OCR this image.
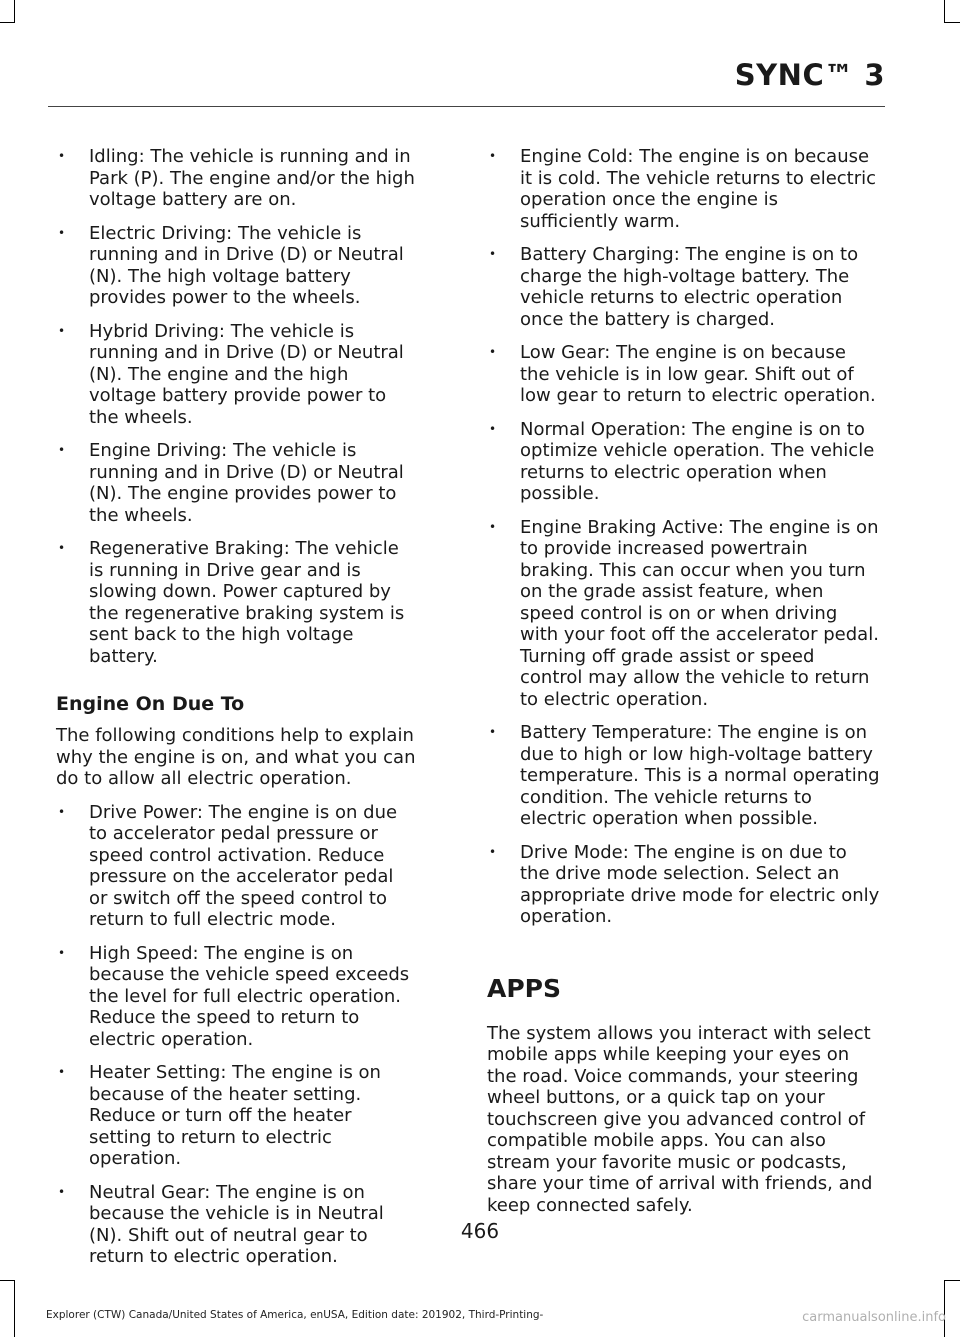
SYNC™ 3
• Idling: The vehicle is running and in Park (P). The engine and/or the high voltage battery are on.
• Electric Driving: The vehicle is running and in Drive (D) or Neutral (N). The high voltage battery provides power to the wheels.
• Hybrid Driving: The vehicle is running and in Drive (D) or Neutral (N). The engine and the high voltage battery provide power to the wheels.
• Engine Driving: The vehicle is running and in Drive (D) or Neutral (N). The engine provides power to the wheels.
• Regenerative Braking: The vehicle is running in Drive gear and is slowing down. Power captured by the regenerative braking system is sent back to the high voltage battery.
Engine On Due To

The following conditions help to explain why the engine is on, and what you can do to allow all electric operation.

• Drive Power: The engine is on due to accelerator pedal pressure or speed control activation. Reduce pressure on the accelerator pedal or switch off the speed control to return to full electric mode.
• High Speed: The engine is on because the vehicle speed exceeds the level for full electric operation. Reduce the speed to return to electric operation.
• Heater Setting: The engine is on because of the heater setting. Reduce or turn off the heater setting to return to electric operation.
• Neutral Gear: The engine is on because the vehicle is in Neutral (N). Shift out of neutral gear to return to electric operation.
• Engine Cold: The engine is on because it is cold. The vehicle returns to electric operation once the engine is sufficiently warm.
• Battery Charging: The engine is on to charge the high-voltage battery. The vehicle returns to electric operation once the battery is charged.
• Low Gear: The engine is on because the vehicle is in low gear. Shift out of low gear to return to electric operation.
• Normal Operation: The engine is on to optimize vehicle operation. The vehicle returns to electric operation when possible.
• Engine Braking Active: The engine is on to provide increased powertrain braking. This can occur when you turn on the grade assist feature, when speed control is on or when driving with your foot off the accelerator pedal. Turning off grade assist or speed control may allow the vehicle to return to electric operation.
• Battery Temperature: The engine is on due to high or low high-voltage battery temperature. This is a normal operating condition. The vehicle returns to electric operation when possible.
• Drive Mode: The engine is on due to the drive mode selection. Select an appropriate drive mode for electric only operation.
APPS

The system allows you interact with select mobile apps while keeping your eyes on the road. Voice commands, your steering wheel buttons, or a quick tap on your touchscreen give you advanced control of compatible mobile apps. You can also stream your favorite music or podcasts, share your time of arrival with friends, and keep connected safely.

466
Explorer (CTW) Canada/United States of America, enUSA, Edition date: 201902, Third-Printing-	carmanualsonline.info
